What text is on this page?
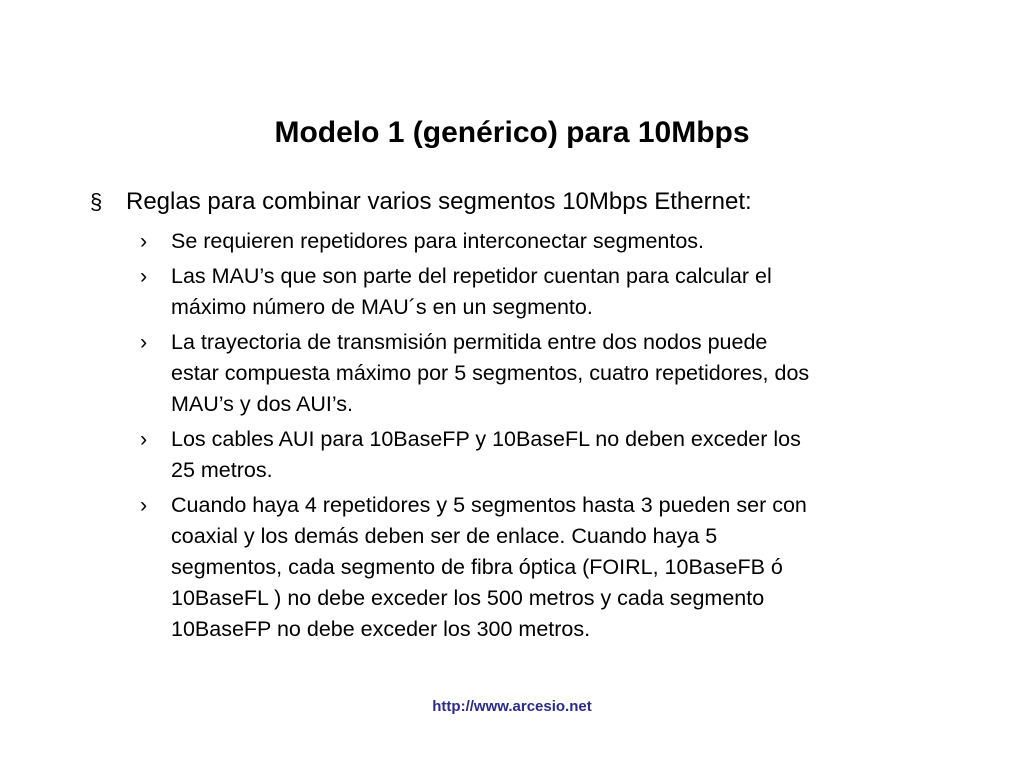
Modelo 1 (genérico) para 10Mbps
§ Reglas para combinar varios segmentos 10Mbps Ethernet:
›	Se requieren repetidores para interconectar segmentos.
›	Las MAU’s que son parte del repetidor cuentan para calcular el
máximo número de MAU´s en un segmento.
›	La trayectoria de transmisión permitida entre dos nodos puede
estar compuesta máximo por 5 segmentos, cuatro repetidores, dos
MAU’s y dos AUI’s.
›	Los cables AUI para 10BaseFP y 10BaseFL no deben exceder los
25 metros.
›	Cuando haya 4 repetidores y 5 segmentos hasta 3 pueden ser con
coaxial y los demás deben ser de enlace. Cuando haya 5
segmentos, cada segmento de fibra óptica (FOIRL, 10BaseFB ó
10BaseFL ) no debe exceder los 500 metros y cada segmento
10BaseFP no debe exceder los 300 metros.
http://www.arcesio.net
